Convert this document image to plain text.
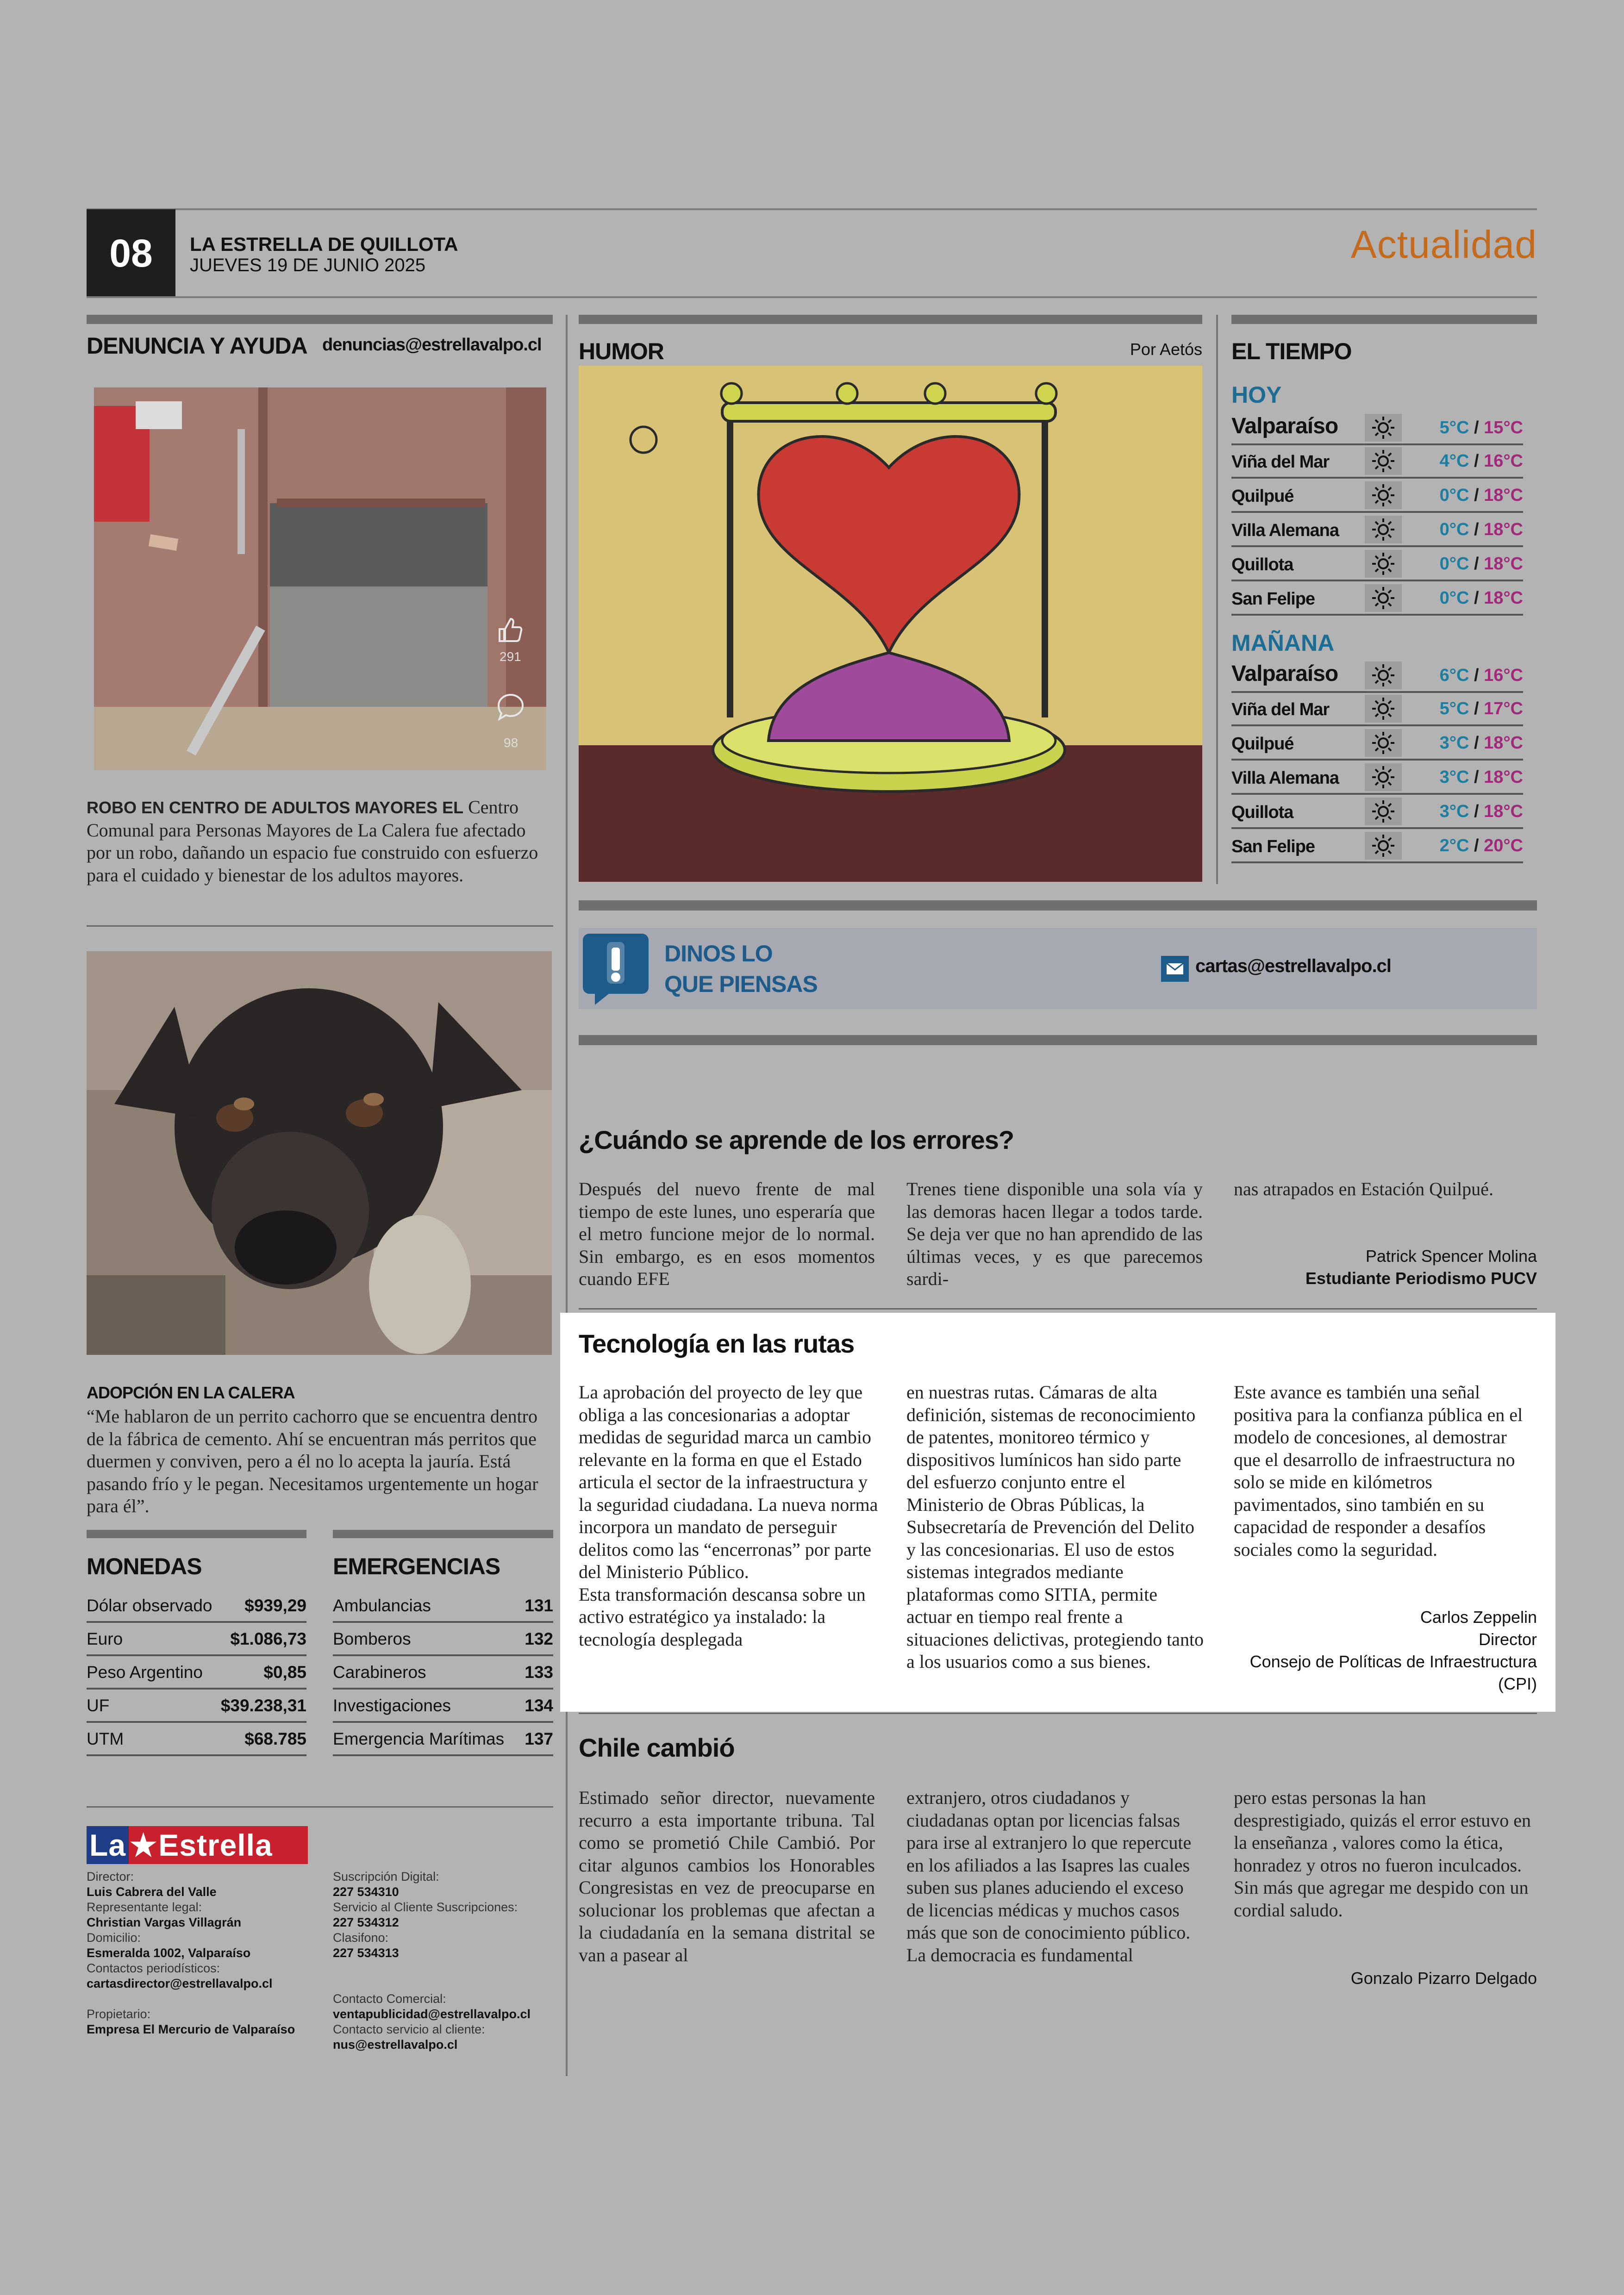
08	LA ESTRELLA DE QUILLOTA
JUEVES 19 DE JUNIO 2025	Actualidad
DENUNCIA Y AYUDA denuncias@estrellavalpo.cl
291
98
ROBO EN CENTRO DE ADULTOS MAYORES EL Centro Comunal para Personas Mayores de La Calera fue afectado por un robo, dañando un espacio fue construido con esfuerzo para el cuidado y bienestar de los adultos mayores.
ADOPCIÓN EN LA CALERA
“Me hablaron de un perrito cachorro que se encuentra dentro de la fábrica de cemento. Ahí se encuentran más perritos que duermen y conviven, pero a él no lo acepta la jauría. Está pasando frío y le pegan. Necesitamos urgentemente un hogar para él”.
MONEDAS
Dólar observado $939,29
Euro	$1.086,73
Peso Argentino	$0,85
UF	$39.238,31
UTM	$68.785
EMERGENCIAS
Ambulancias	131
Bomberos	132
Carabineros	133
Investigaciones	134
Emergencia Marítimas 137
La ★Estrella
Director:
Luis Cabrera del Valle
Representante legal:
Christian Vargas Villagrán
Domicilio:
Esmeralda 1002, Valparaíso
Contactos periodísticos:
cartasdirector@estrellavalpo.cl
Propietario:
Empresa El Mercurio de Valparaíso
Suscripción Digital:
227 534310
Servicio al Cliente Suscripciones:
227 534312
Clasifono:
227 534313
Contacto Comercial:
ventapublicidad@estrellavalpo.cl
Contacto servicio al cliente:
nus@estrellavalpo.cl
HUMOR	Por Aetós EL TIEMPO
HOY
Valparaíso	5°C / 15°C
Viña del Mar	4°C / 16°C
Quilpué	0°C / 18°C
Villa Alemana	0°C / 18°C
Quillota	0°C / 18°C
San Felipe	0°C / 18°C
MAÑANA
Valparaíso	6°C / 16°C
Viña del Mar	5°C / 17°C
Quilpué	3°C / 18°C
Villa Alemana	3°C / 18°C
Quillota	3°C / 18°C
San Felipe	2°C / 20°C
DINOS LO
QUE PIENSAS
cartas@estrellavalpo.cl
¿Cuándo se aprende de los errores?
Después del nuevo frente de mal tiempo de este lunes, uno esperaría que el metro funcione mejor de lo normal. Sin embargo, es en esos momentos cuando EFE
Trenes tiene disponible una sola vía y las demoras hacen llegar a todos tarde. Se deja ver que no han aprendido de las últimas veces, y es que parecemos sardi-
nas atrapados en Estación Quilpué.
Patrick Spencer Molina
Estudiante Periodismo PUCV
Tecnología en las rutas
La aprobación del proyecto de ley que obliga a las concesionarias a adoptar medidas de seguridad marca un cambio relevante en la forma en que el Estado articula el sector de la infraestructura y la seguridad ciudadana. La nueva norma incorpora un mandato de perseguir delitos como las “encerronas” por parte del Ministerio Público.
Esta transformación descansa sobre un activo estratégico ya instalado: la tecnología desplegada
en nuestras rutas. Cámaras de alta definición, sistemas de reconocimiento de patentes, monitoreo térmico y dispositivos lumínicos han sido parte del esfuerzo conjunto entre el Ministerio de Obras Públicas, la Subsecretaría de Prevención del Delito y las concesionarias. El uso de estos sistemas integrados mediante plataformas como SITIA, permite actuar en tiempo real frente a situaciones delictivas, protegiendo tanto a los usuarios como a sus bienes.
Este avance es también una señal positiva para la confianza pública en el modelo de concesiones, al demostrar que el desarrollo de infraestructura no solo se mide en kilómetros pavimentados, sino también en su capacidad de responder a desafíos sociales como la seguridad.
Carlos Zeppelin
Director
Consejo de Políticas de Infraestructura
(CPI)
Chile cambió
Estimado señor director, nuevamente recurro a esta importante tribuna. Tal como se prometió Chile Cambió. Por citar algunos cambios los Honorables Congresistas en vez de preocuparse en solucionar los problemas que afectan a la ciudadanía en la semana distrital se van a pasear al
extranjero, otros ciudadanos y ciudadanas optan por licencias falsas para irse al extranjero lo que repercute en los afiliados a las Isapres las cuales suben sus planes aduciendo el exceso de licencias médicas y muchos casos más que son de conocimiento público.
La democracia es fundamental
pero estas personas la han desprestigiado, quizás el error estuvo en la enseñanza , valores como la ética, honradez y otros no fueron inculcados.
Sin más que agregar me despido con un cordial saludo.
Gonzalo Pizarro Delgado
